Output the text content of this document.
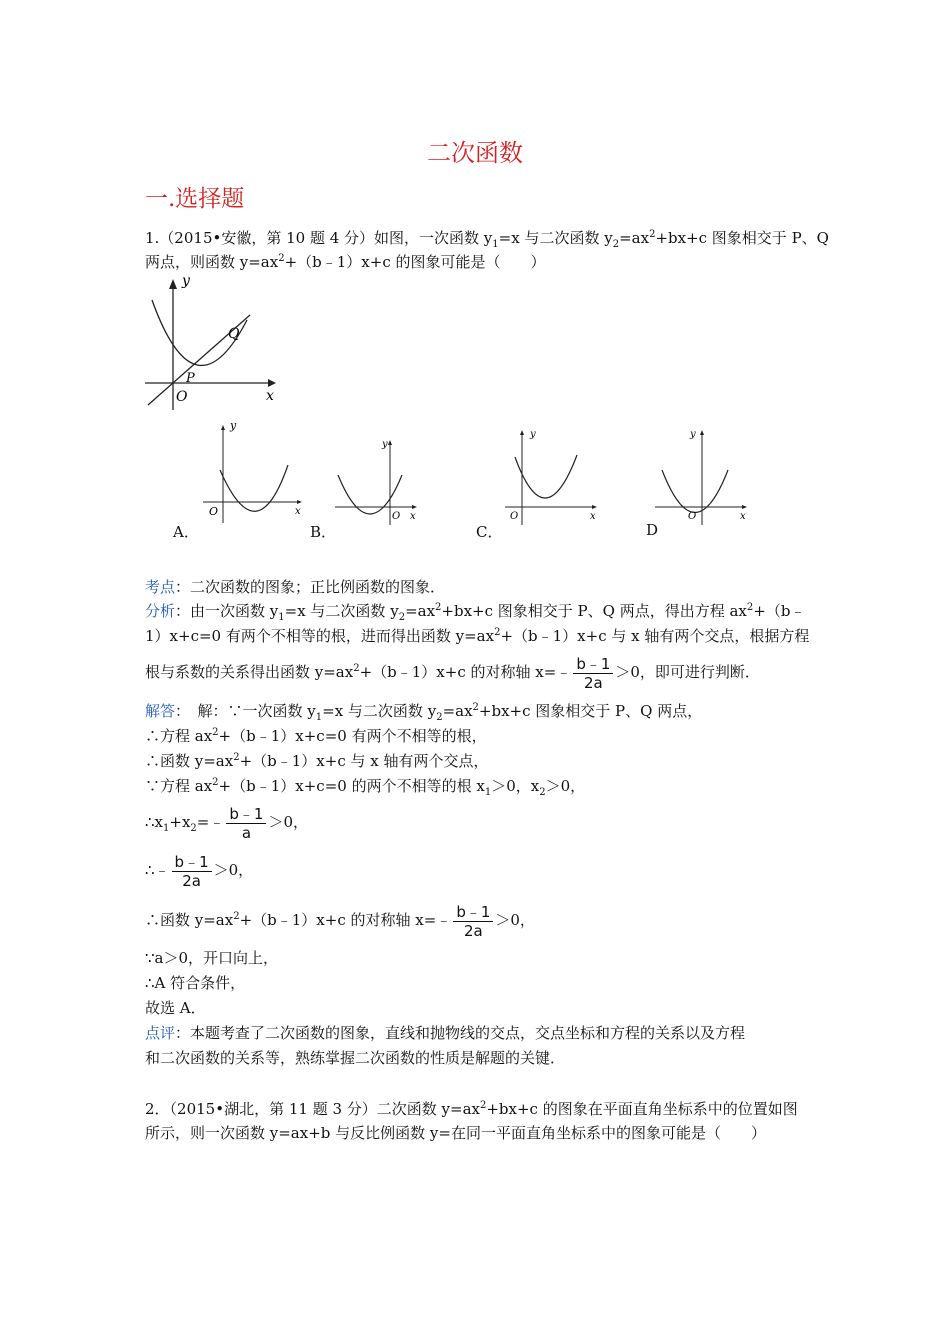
二次函数
一.选择题
1.（2015•安徽，第 10 题 4 分）如图，一次函数 $y_1=x$ 与二次函数 $y_2=ax^2+bx+c$ 图象相交于 P、Q
两点，则函数 $y=ax^2+(b﹣1)x+c$ 的图象可能是（　　）
y
x
O
P
Q
y
x
O
y
x
O
y
x
O
y
x
O
A．	B．	C．	D
考点：二次函数的图象；正比例函数的图象．
分析：由一次函数 $y_1=x$ 与二次函数 $y_2=ax^2+bx+c$ 图象相交于 P、Q 两点，得出方程 $ax^2+(b﹣$
1）x+c=0 有两个不相等的根，进而得出函数 $y=ax^2+(b﹣1)x+c$ 与 x 轴有两个交点，根据方程
根与系数的关系得出函数 $y=ax^2+(b﹣1)x+c$ 的对称轴 x=﹣ $\frac{b﹣1}{2a} >0$，即可进行判断．
解答：　解：∵一次函数 $y_1=x$ 与二次函数 $y_2=ax^2+bx+c$ 图象相交于 P、Q 两点，
∴方程 $ax^2+(b﹣1)x+c=0$ 有两个不相等的根，
∴函数 $y=ax^2+(b﹣1)x+c$ 与 x 轴有两个交点，
∵方程 $ax^2+(b﹣1)x+c=0$ 的两个不相等的根 $x_1>0$，$x_2>0$，
$\therefore x_1+x_2=﹣ \frac{b﹣1}{a} >0$，
∴﹣ $\frac{b﹣1}{2a} >0$，
∴函数 $y=ax^2+(b﹣1)x+c$ 的对称轴 x=﹣ $\frac{b﹣1}{2a} >0$，
∵a＞0，开口向上，
∴A 符合条件，
故选 A．
点评：本题考查了二次函数的图象，直线和抛物线的交点，交点坐标和方程的关系以及方程
和二次函数的关系等，熟练掌握二次函数的性质是解题的关键．
2．（2015•湖北，第 11 题 3 分）二次函数 $y=ax^2+bx+c$ 的图象在平面直角坐标系中的位置如图
所示，则一次函数 y=ax+b 与反比例函数 y=在同一平面直角坐标系中的图象可能是（　　）
